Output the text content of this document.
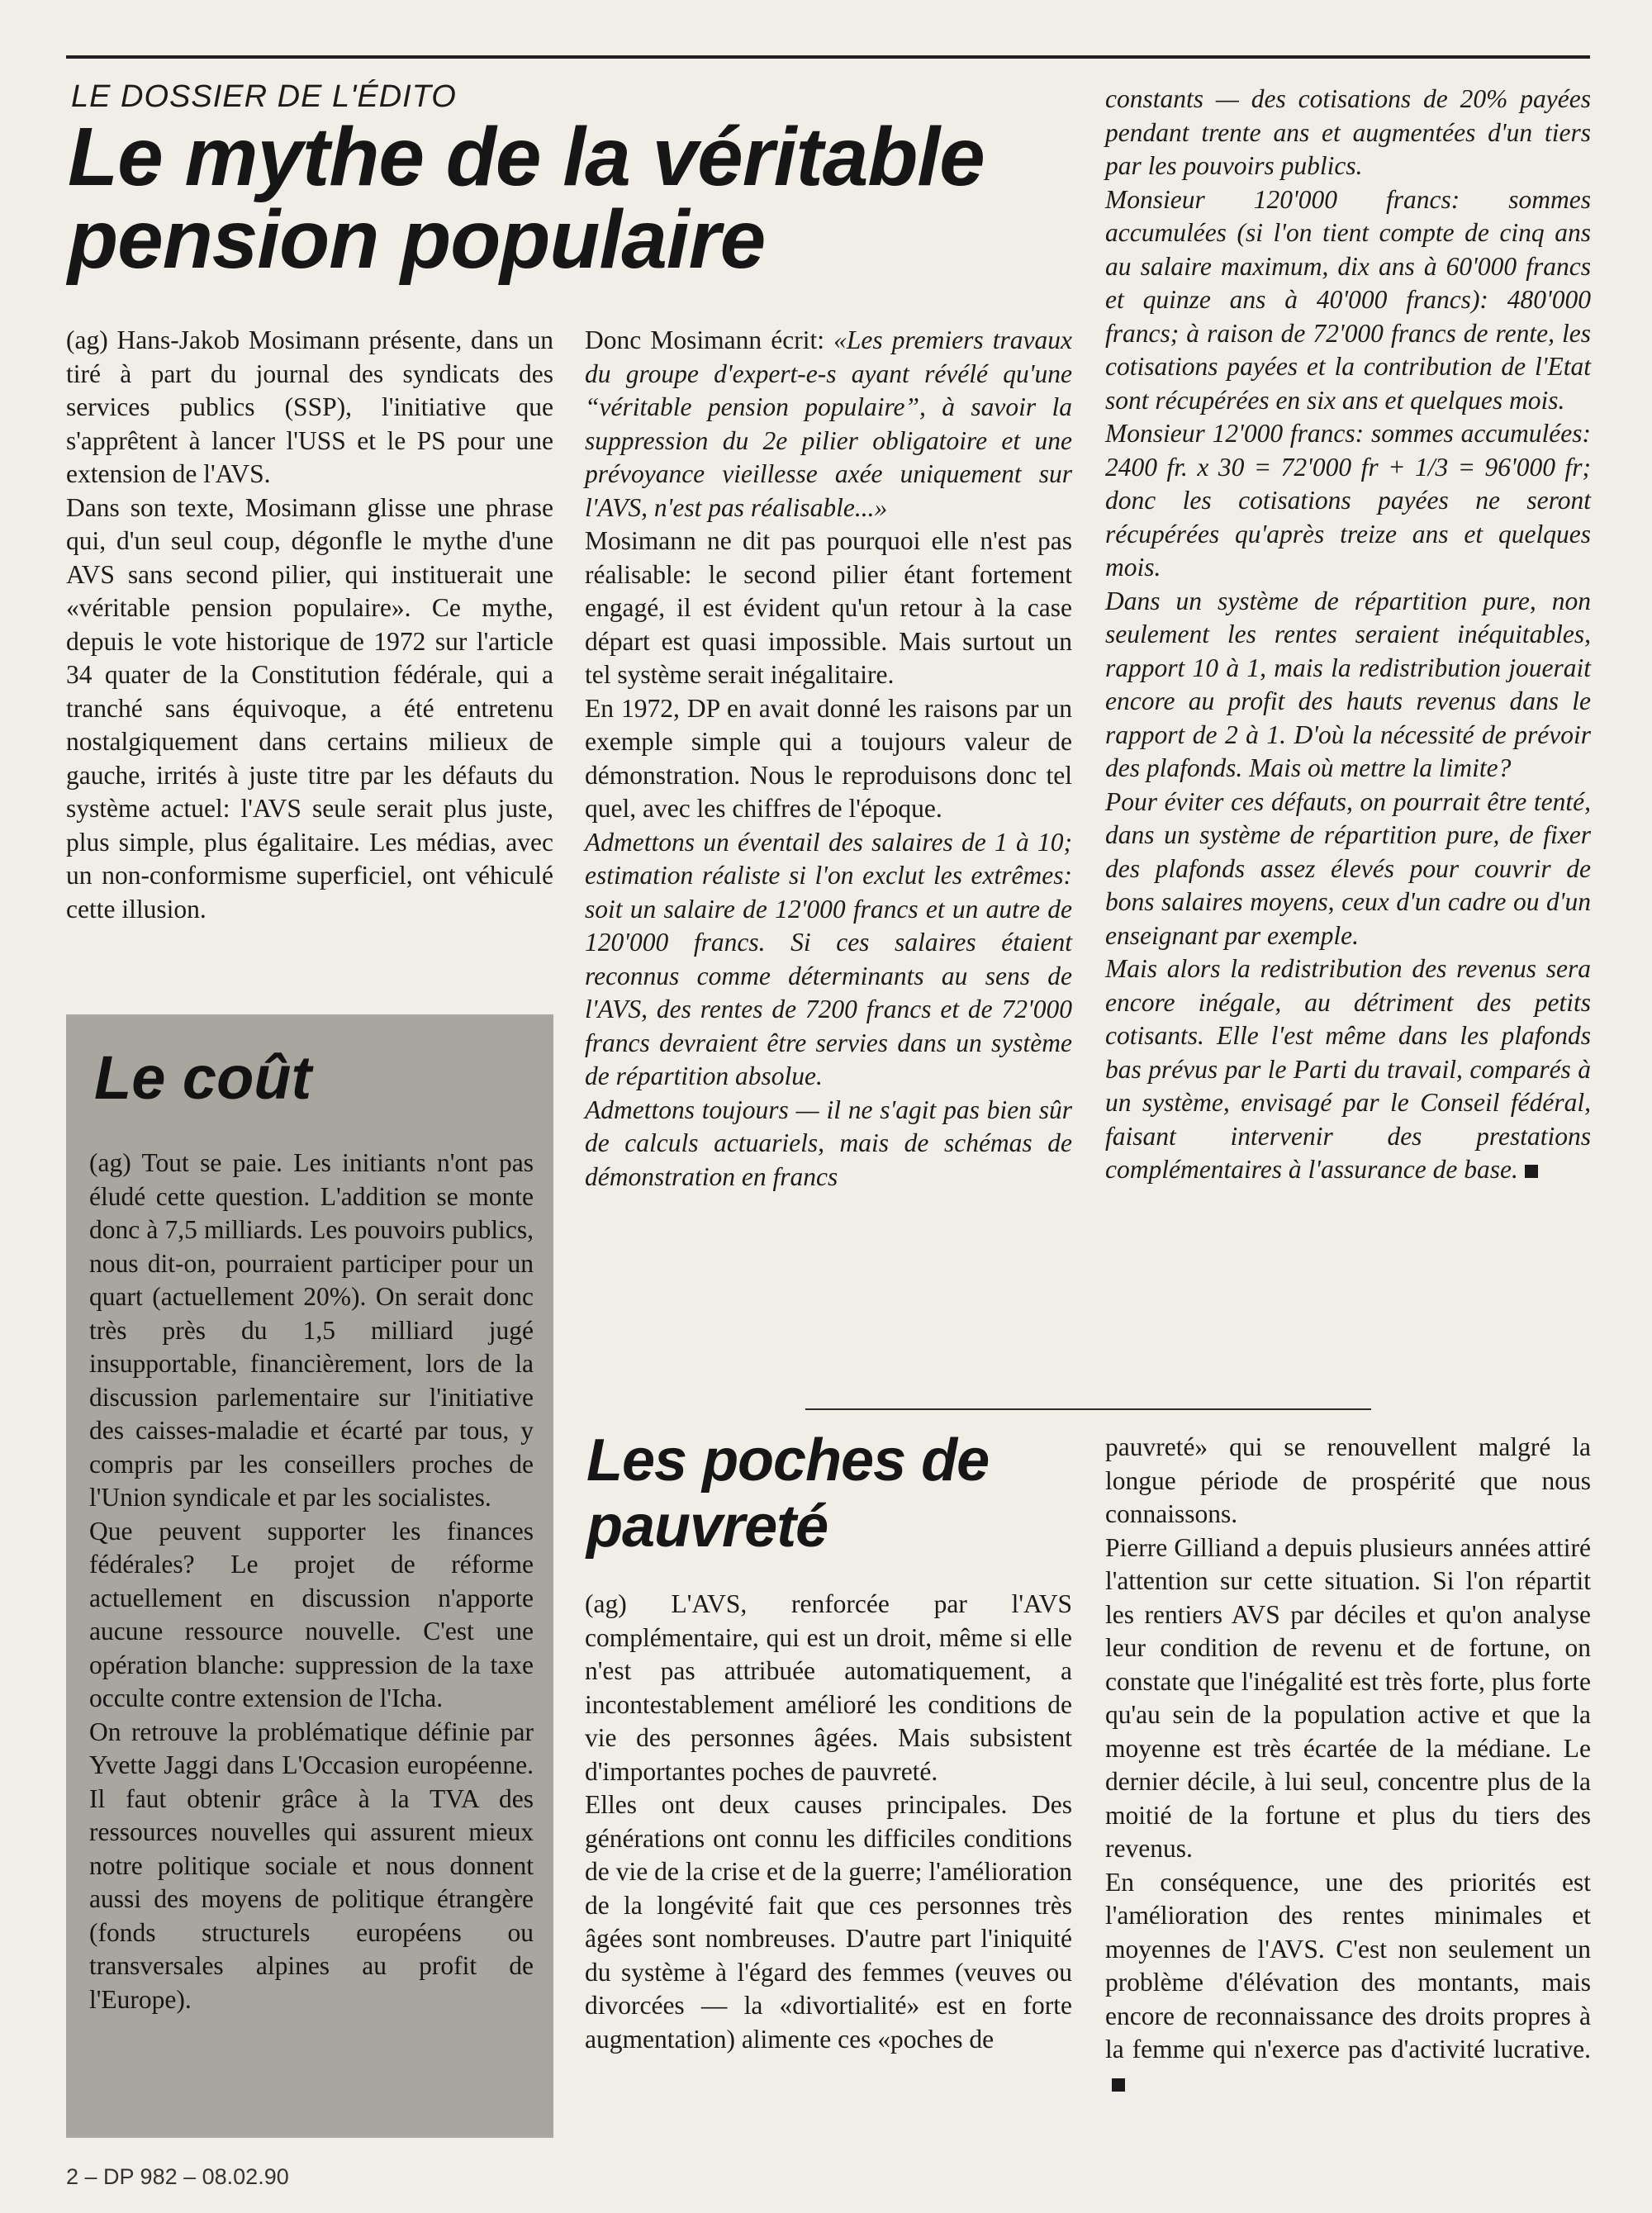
LE DOSSIER DE L'ÉDITO
Le mythe de la véritable pension populaire

(ag) Hans-Jakob Mosimann présente, dans un tiré à part du journal des syndicats des services publics (SSP), l'initiative que s'apprêtent à lancer l'USS et le PS pour une extension de l'AVS.

Dans son texte, Mosimann glisse une phrase qui, d'un seul coup, dégonfle le mythe d'une AVS sans second pilier, qui instituerait une «véritable pension populaire». Ce mythe, depuis le vote historique de 1972 sur l'article 34 quater de la Constitution fédérale, qui a tranché sans équivoque, a été entretenu nostalgiquement dans certains milieux de gauche, irrités à juste titre par les défauts du système actuel: l'AVS seule serait plus juste, plus simple, plus égalitaire. Les médias, avec un non-conformisme superficiel, ont véhiculé cette illusion.

Donc Mosimann écrit: «Les premiers travaux du groupe d'expert-e-s ayant révélé qu'une “véritable pension populaire”, à savoir la suppression du 2e pilier obligatoire et une prévoyance vieillesse axée uniquement sur l'AVS, n'est pas réalisable...»

Mosimann ne dit pas pourquoi elle n'est pas réalisable: le second pilier étant fortement engagé, il est évident qu'un retour à la case départ est quasi impossible. Mais surtout un tel système serait inégalitaire.

En 1972, DP en avait donné les raisons par un exemple simple qui a toujours valeur de démonstration. Nous le reproduisons donc tel quel, avec les chiffres de l'époque.

Admettons un éventail des salaires de 1 à 10; estimation réaliste si l'on exclut les extrêmes: soit un salaire de 12'000 francs et un autre de 120'000 francs. Si ces salaires étaient reconnus comme déterminants au sens de l'AVS, des rentes de 7200 francs et de 72'000 francs devraient être servies dans un système de répartition absolue.

Admettons toujours — il ne s'agit pas bien sûr de calculs actuariels, mais de schémas de démonstration en francs

constants — des cotisations de 20% payées pendant trente ans et augmentées d'un tiers par les pouvoirs publics.

Monsieur 120'000 francs: sommes accumulées (si l'on tient compte de cinq ans au salaire maximum, dix ans à 60'000 francs et quinze ans à 40'000 francs): 480'000 francs; à raison de 72'000 francs de rente, les cotisations payées et la contribution de l'Etat sont récupérées en six ans et quelques mois.

Monsieur 12'000 francs: sommes accumulées: 2400 fr. x 30 = 72'000 fr + 1/3 = 96'000 fr; donc les cotisations payées ne seront récupérées qu'après treize ans et quelques mois.

Dans un système de répartition pure, non seulement les rentes seraient inéquitables, rapport 10 à 1, mais la redistribution jouerait encore au profit des hauts revenus dans le rapport de 2 à 1. D'où la nécessité de prévoir des plafonds. Mais où mettre la limite?

Pour éviter ces défauts, on pourrait être tenté, dans un système de répartition pure, de fixer des plafonds assez élevés pour couvrir de bons salaires moyens, ceux d'un cadre ou d'un enseignant par exemple.

Mais alors la redistribution des revenus sera encore inégale, au détriment des petits cotisants. Elle l'est même dans les plafonds bas prévus par le Parti du travail, comparés à un système, envisagé par le Conseil fédéral, faisant intervenir des prestations complémentaires à l'assurance de base.

Le coût

(ag) Tout se paie. Les initiants n'ont pas éludé cette question. L'addition se monte donc à 7,5 milliards. Les pouvoirs publics, nous dit-on, pourraient participer pour un quart (actuellement 20%). On serait donc très près du 1,5 milliard jugé insupportable, financièrement, lors de la discussion parlementaire sur l'initiative des caisses-maladie et écarté par tous, y compris par les conseillers proches de l'Union syndicale et par les socialistes.

Que peuvent supporter les finances fédérales? Le projet de réforme actuellement en discussion n'apporte aucune ressource nouvelle. C'est une opération blanche: suppression de la taxe occulte contre extension de l'Icha.

On retrouve la problématique définie par Yvette Jaggi dans L'Occasion européenne. Il faut obtenir grâce à la TVA des ressources nouvelles qui assurent mieux notre politique sociale et nous donnent aussi des moyens de politique étrangère (fonds structurels européens ou transversales alpines au profit de l'Europe).

Les poches de pauvreté

(ag) L'AVS, renforcée par l'AVS complémentaire, qui est un droit, même si elle n'est pas attribuée automatiquement, a incontestablement amélioré les conditions de vie des personnes âgées. Mais subsistent d'importantes poches de pauvreté.

Elles ont deux causes principales. Des générations ont connu les difficiles conditions de vie de la crise et de la guerre; l'amélioration de la longévité fait que ces personnes très âgées sont nombreuses. D'autre part l'iniquité du système à l'égard des femmes (veuves ou divorcées — la «divortialité» est en forte augmentation) alimente ces «poches de

pauvreté» qui se renouvellent malgré la longue période de prospérité que nous connaissons.

Pierre Gilliand a depuis plusieurs années attiré l'attention sur cette situation. Si l'on répartit les rentiers AVS par déciles et qu'on analyse leur condition de revenu et de fortune, on constate que l'inégalité est très forte, plus forte qu'au sein de la population active et que la moyenne est très écartée de la médiane. Le dernier décile, à lui seul, concentre plus de la moitié de la fortune et plus du tiers des revenus.

En conséquence, une des priorités est l'amélioration des rentes minimales et moyennes de l'AVS. C'est non seulement un problème d'élévation des montants, mais encore de reconnaissance des droits propres à la femme qui n'exerce pas d'activité lucrative.

2 – DP 982 – 08.02.90
